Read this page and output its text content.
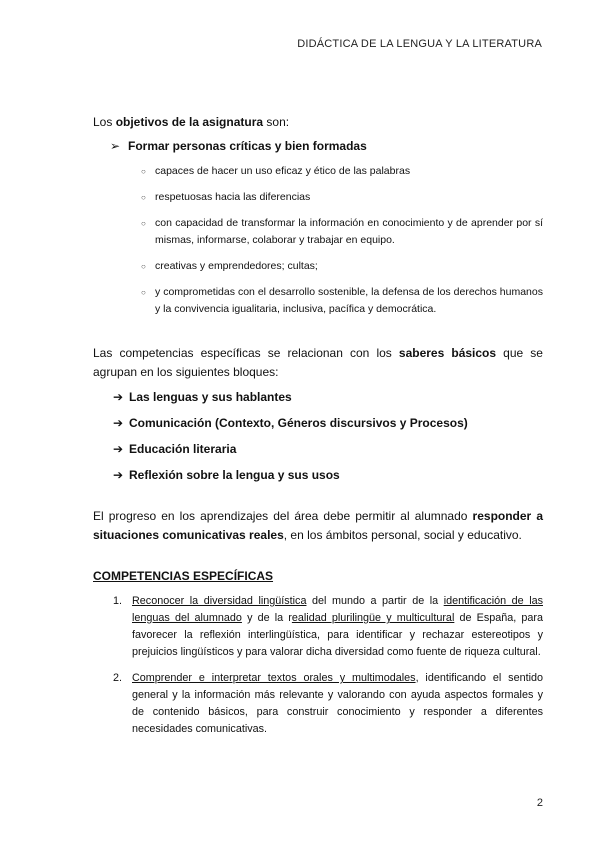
DIDÁCTICA DE LA LENGUA Y LA LITERATURA

Los objetivos de la asignatura son:

➢ Formar personas críticas y bien formadas

○ capaces de hacer un uso eficaz y ético de las palabras
○ respetuosas hacia las diferencias
○ con capacidad de transformar la información en conocimiento y de aprender por sí mismas, informarse, colaborar y trabajar en equipo.
○ creativas y emprendedores; cultas;
○ y comprometidas con el desarrollo sostenible, la defensa de los derechos humanos y la convivencia igualitaria, inclusiva, pacífica y democrática.

Las competencias específicas se relacionan con los saberes básicos que se agrupan en los siguientes bloques:

➔ Las lenguas y sus hablantes
➔ Comunicación (Contexto, Géneros discursivos y Procesos)
➔ Educación literaria
➔ Reflexión sobre la lengua y sus usos

El progreso en los aprendizajes del área debe permitir al alumnado responder a situaciones comunicativas reales, en los ámbitos personal, social y educativo.

COMPETENCIAS ESPECÍFICAS

1. Reconocer la diversidad lingüística del mundo a partir de la identificación de las lenguas del alumnado y de la realidad plurilingüe y multicultural de España, para favorecer la reflexión interlingüística, para identificar y rechazar estereotipos y prejuicios lingüísticos y para valorar dicha diversidad como fuente de riqueza cultural.
2. Comprender e interpretar textos orales y multimodales, identificando el sentido general y la información más relevante y valorando con ayuda aspectos formales y de contenido básicos, para construir conocimiento y responder a diferentes necesidades comunicativas.
2
